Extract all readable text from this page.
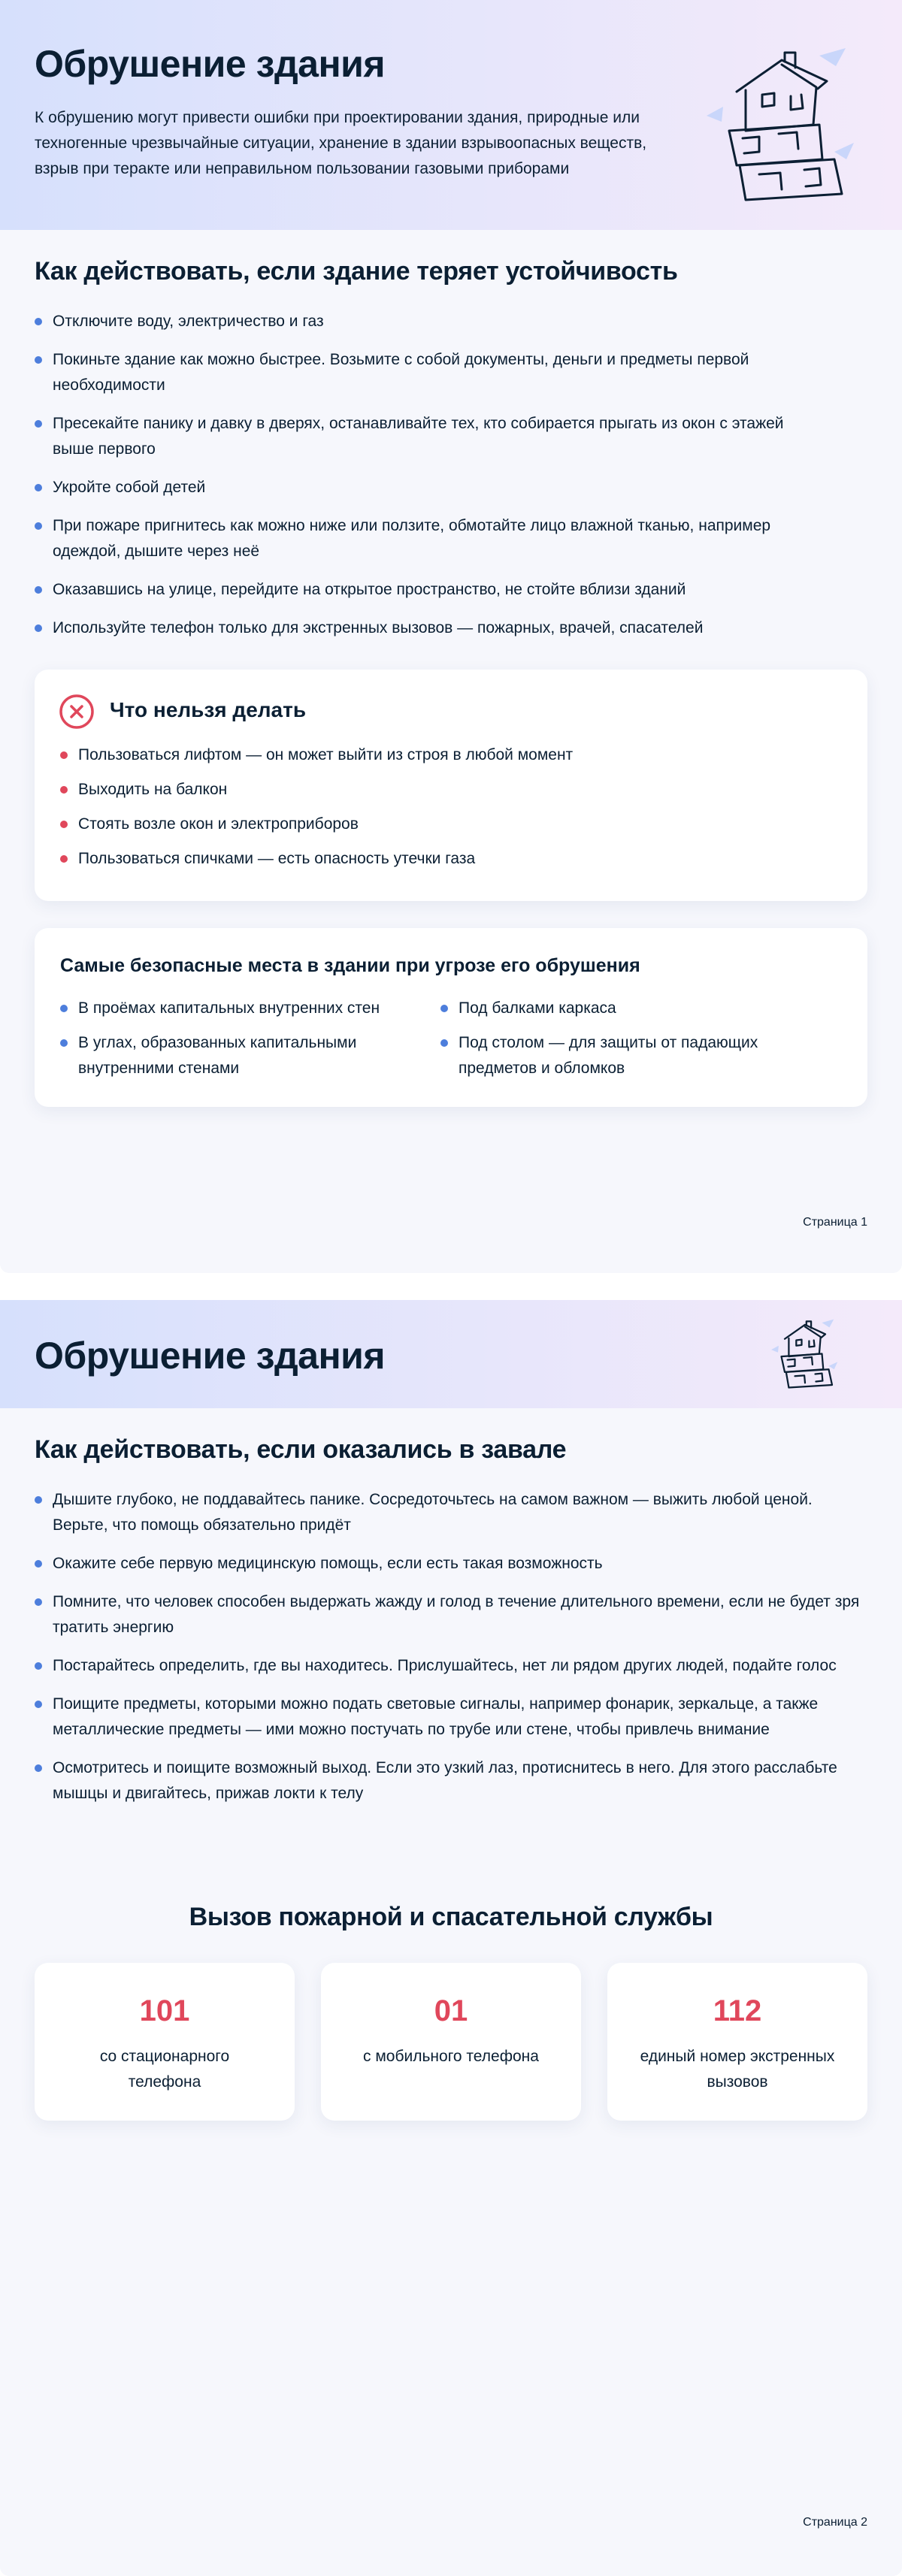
Обрушение здания

К обрушению могут привести ошибки при проектировании здания, природные или техногенные чрезвычайные ситуации, хранение в здании взрывоопасных веществ, взрыв при теракте или неправильном пользовании газовыми приборами

Как действовать, если здание теряет устойчивость
Отключите воду, электричество и газ
Покиньте здание как можно быстрее. Возьмите с собой документы, деньги и предметы первой необходимости
Пресекайте панику и давку в дверях, останавливайте тех, кто собирается прыгать из окон с этажей выше первого
Укройте собой детей
При пожаре пригнитесь как можно ниже или ползите, обмотайте лицо влажной тканью, например одеждой, дышите через неё
Оказавшись на улице, перейдите на открытое пространство, не стойте вблизи зданий
Используйте телефон только для экстренных вызовов — пожарных, врачей, спасателей
Что нельзя делать
Пользоваться лифтом — он может выйти из строя в любой момент
Выходить на балкон
Стоять возле окон и электроприборов
Пользоваться спичками — есть опасность утечки газа
Самые безопасные места в здании при угрозе его обрушения
В проёмах капитальных внутренних стен
В углах, образованных капитальными внутренними стенами
Под балками каркаса
Под столом — для защиты от падающих предметов и обломков
Страница 1
Обрушение здания
Как действовать, если оказались в завале
Дышите глубоко, не поддавайтесь панике. Сосредоточьтесь на самом важном — выжить любой ценой. Верьте, что помощь обязательно придёт
Окажите себе первую медицинскую помощь, если есть такая возможность
Помните, что человек способен выдержать жажду и голод в течение длительного времени, если не будет зря тратить энергию
Постарайтесь определить, где вы находитесь. Прислушайтесь, нет ли рядом других людей, подайте голос
Поищите предметы, которыми можно подать световые сигналы, например фонарик, зеркальце, а также металлические предметы — ими можно постучать по трубе или стене, чтобы привлечь внимание
Осмотритесь и поищите возможный выход. Если это узкий лаз, протиснитесь в него. Для этого расслабьте мышцы и двигайтесь, прижав локти к телу
Вызов пожарной и спасательной службы
101
со стационарного телефона
01
с мобильного телефона
112
единый номер экстренных вызовов
Страница 2
